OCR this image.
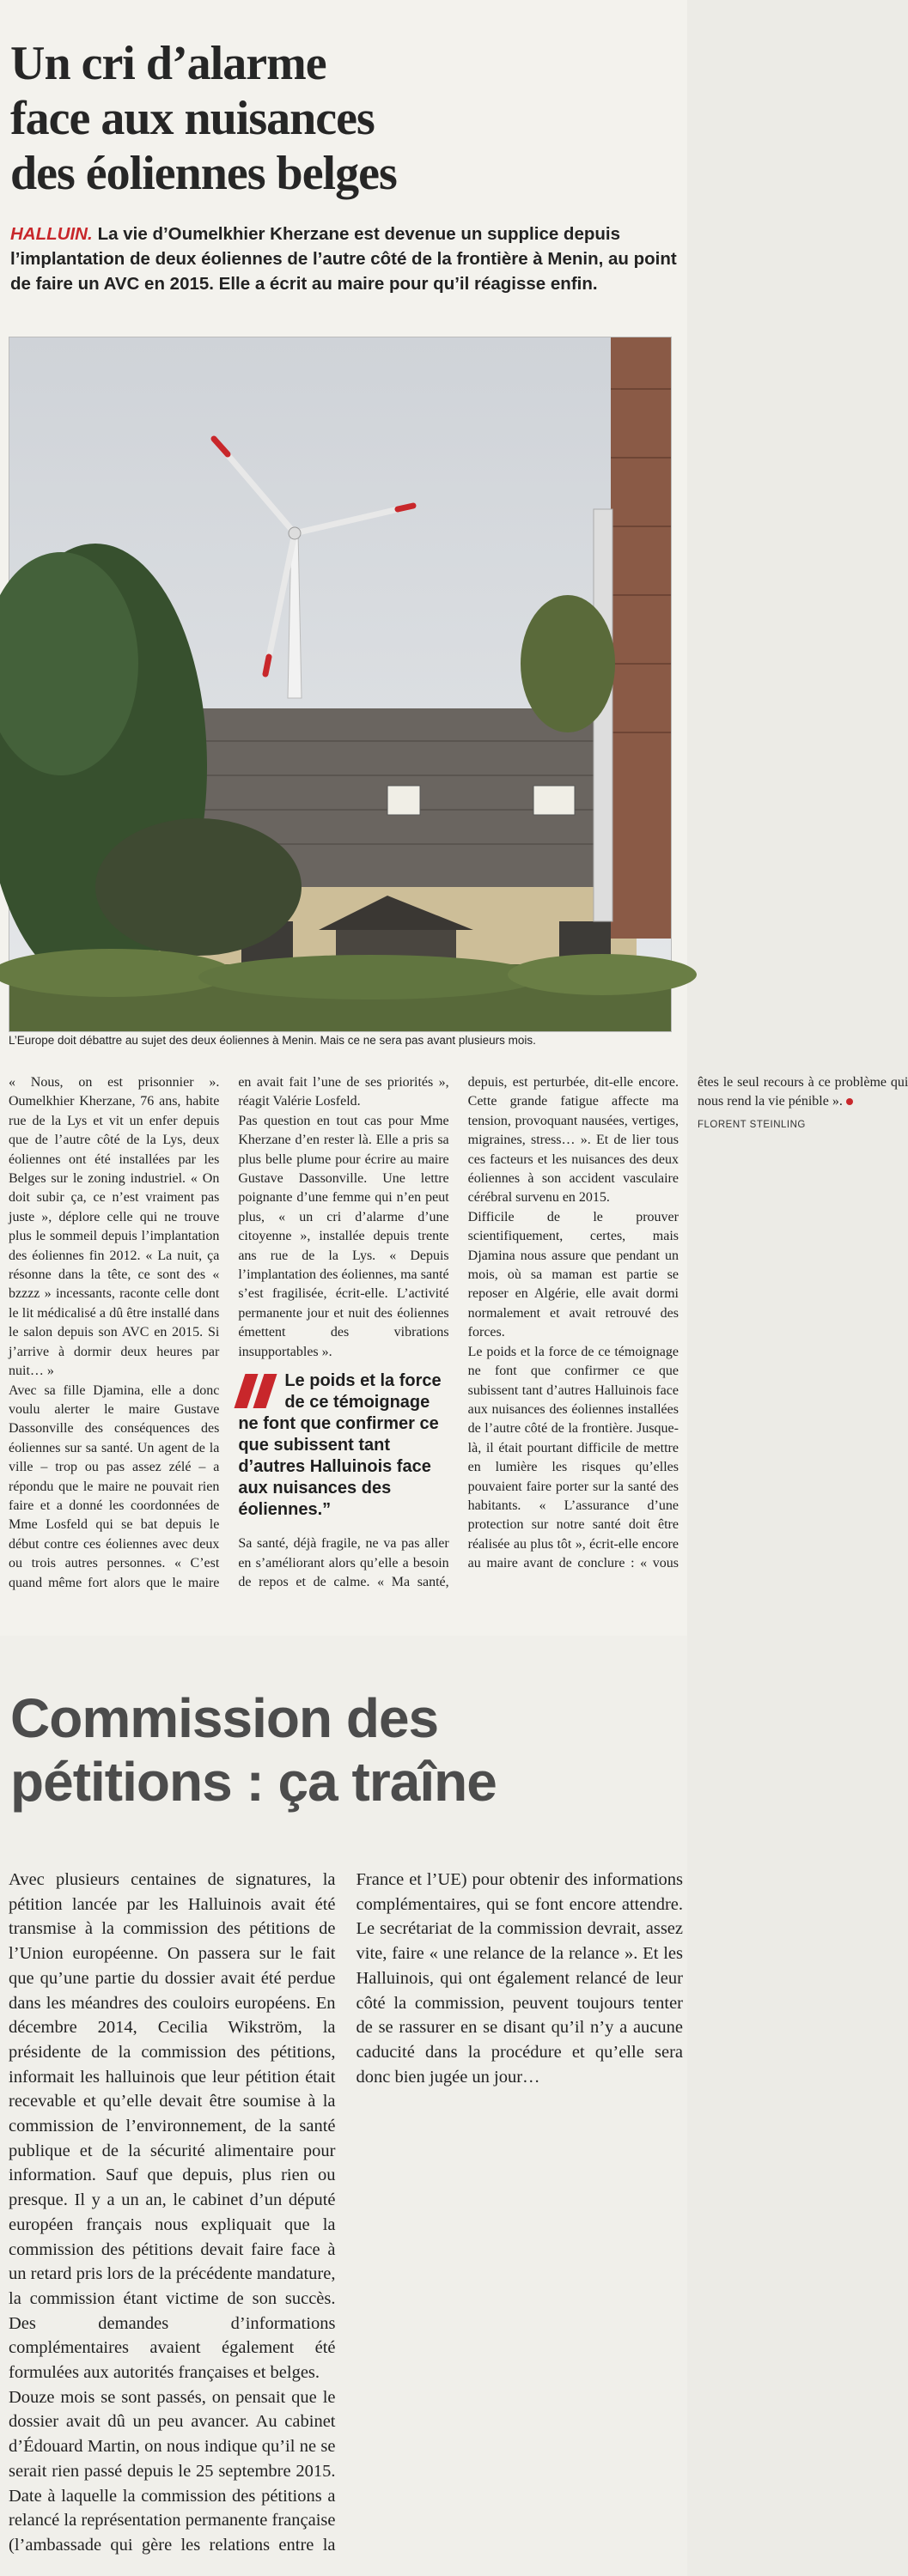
Un cri d’alarme
face aux nuisances
des éoliennes belges
HALLUIN. La vie d’Oumelkhier Kherzane est devenue un supplice depuis l’implantation de deux éoliennes de l’autre côté de la frontière à Menin, au point de faire un AVC en 2015. Elle a écrit au maire pour qu’il réagisse enfin.
L’Europe doit débattre au sujet des deux éoliennes à Menin. Mais ce ne sera pas avant plusieurs mois.

« Nous, on est prisonnier ». Oumelkhier Kherzane, 76 ans, habite rue de la Lys et vit un enfer depuis que de l’autre côté de la Lys, deux éoliennes ont été installées par les Belges sur le zoning industriel. « On doit subir ça, ce n’est vraiment pas juste », déplore celle qui ne trouve plus le sommeil depuis l’implantation des éoliennes fin 2012. « La nuit, ça résonne dans la tête, ce sont des « bzzzz » incessants, raconte celle dont le lit médicalisé a dû être installé dans le salon depuis son AVC en 2015. Si j’arrive à dormir deux heures par nuit… »

Avec sa fille Djamina, elle a donc voulu alerter le maire Gustave Dassonville des conséquences des éoliennes sur sa santé. Un agent de la ville – trop ou pas assez zélé – a répondu que le maire ne pouvait rien faire et a donné les coordonnées de Mme Losfeld qui se bat depuis le début contre ces éoliennes avec deux ou trois autres personnes. « C’est quand même fort alors que le maire en avait fait l’une de ses priorités », réagit Valérie Losfeld.

Pas question en tout cas pour Mme Kherzane d’en rester là. Elle a pris sa plus belle plume pour écrire au maire Gustave Dassonville. Une lettre poignante d’une femme qui n’en peut plus, « un cri d’alarme d’une citoyenne », installée depuis trente ans rue de la Lys. « Depuis l’implantation des éoliennes, ma santé s’est fragilisée, écrit-elle. L’activité permanente jour et nuit des éoliennes émettent des vibrations insupportables ».

Le poids et la force de ce témoignage ne font que confirmer ce que subissent tant d’autres Halluinois face aux nuisances des éoliennes.”

Sa santé, déjà fragile, ne va pas aller en s’améliorant alors qu’elle a besoin de repos et de calme. « Ma santé, depuis, est perturbée, dit-elle encore. Cette grande fatigue affecte ma tension, provoquant nausées, vertiges, migraines, stress… ». Et de lier tous ces facteurs et les nuisances des deux éoliennes à son accident vasculaire cérébral survenu en 2015.

Difficile de le prouver scientifiquement, certes, mais Djamina nous assure que pendant un mois, où sa maman est partie se reposer en Algérie, elle avait dormi normalement et avait retrouvé des forces.

Le poids et la force de ce témoignage ne font que confirmer ce que subissent tant d’autres Halluinois face aux nuisances des éoliennes installées de l’autre côté de la frontière. Jusque-là, il était pourtant difficile de mettre en lumière les risques qu’elles pouvaient faire porter sur la santé des habitants. « L’assurance d’une protection sur notre santé doit être réalisée au plus tôt », écrit-elle encore au maire avant de conclure : « vous êtes le seul recours à ce problème qui nous rend la vie pénible ».

FLORENT STEINLING
Commission des
pétitions : ça traîne

Avec plusieurs centaines de signatures, la pétition lancée par les Halluinois avait été transmise à la commission des pétitions de l’Union européenne. On passera sur le fait que qu’une partie du dossier avait été perdue dans les méandres des couloirs européens. En décembre 2014, Cecilia Wikström, la présidente de la commission des pétitions, informait les halluinois que leur pétition était recevable et qu’elle devait être soumise à la commission de l’environnement, de la santé publique et de la sécurité alimentaire pour information. Sauf que depuis, plus rien ou presque. Il y a un an, le cabinet d’un député européen français nous expliquait que la commission des pétitions devait faire face à un retard pris lors de la précédente mandature, la commission étant victime de son succès. Des demandes d’informations complémentaires avaient également été formulées aux autorités françaises et belges.

Douze mois se sont passés, on pensait que le dossier avait dû un peu avancer. Au cabinet d’Édouard Martin, on nous indique qu’il ne se serait rien passé depuis le 25 septembre 2015. Date à laquelle la commission des pétitions a relancé la représentation permanente française (l’ambassade qui gère les relations entre la France et l’UE) pour obtenir des informations complémentaires, qui se font encore attendre. Le secrétariat de la commission devrait, assez vite, faire « une relance de la relance ». Et les Halluinois, qui ont également relancé de leur côté la commission, peuvent toujours tenter de se rassurer en se disant qu’il n’y a aucune caducité dans la procédure et qu’elle sera donc bien jugée un jour…
